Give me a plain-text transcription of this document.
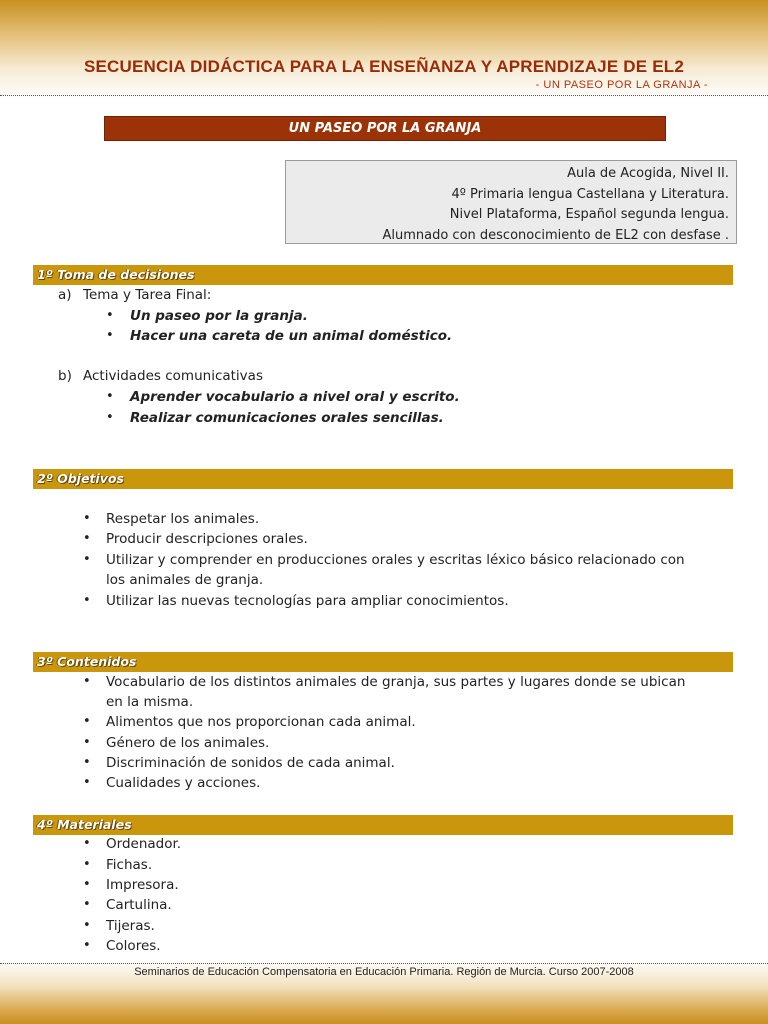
SECUENCIA DIDÁCTICA PARA LA ENSEÑANZA Y APRENDIZAJE DE EL2
- UN PASEO POR LA GRANJA -
UN PASEO POR LA GRANJA
Aula de Acogida, Nivel II.
4º Primaria lengua Castellana y Literatura.
Nivel Plataforma, Español segunda lengua.
Alumnado con desconocimiento de EL2 con desfase .
1º Toma de decisiones
a) Tema y Tarea Final:
• Un paseo por la granja.
• Hacer una careta de un animal doméstico.
b) Actividades comunicativas
• Aprender vocabulario a nivel oral y escrito.
• Realizar comunicaciones orales sencillas.
2º Objetivos
• Respetar los animales.
• Producir descripciones orales.
• Utilizar y comprender en producciones orales y escritas léxico básico relacionado con
los animales de granja.
• Utilizar las nuevas tecnologías para ampliar conocimientos.
3º Contenidos
• Vocabulario de los distintos animales de granja, sus partes y lugares donde se ubican
en la misma.
• Alimentos que nos proporcionan cada animal.
• Género de los animales.
• Discriminación de sonidos de cada animal.
• Cualidades y acciones.
4º Materiales
• Ordenador.
• Fichas.
• Impresora.
• Cartulina.
• Tijeras.
• Colores.
Seminarios de Educación Compensatoria en Educación Primaria. Región de Murcia. Curso 2007-2008
